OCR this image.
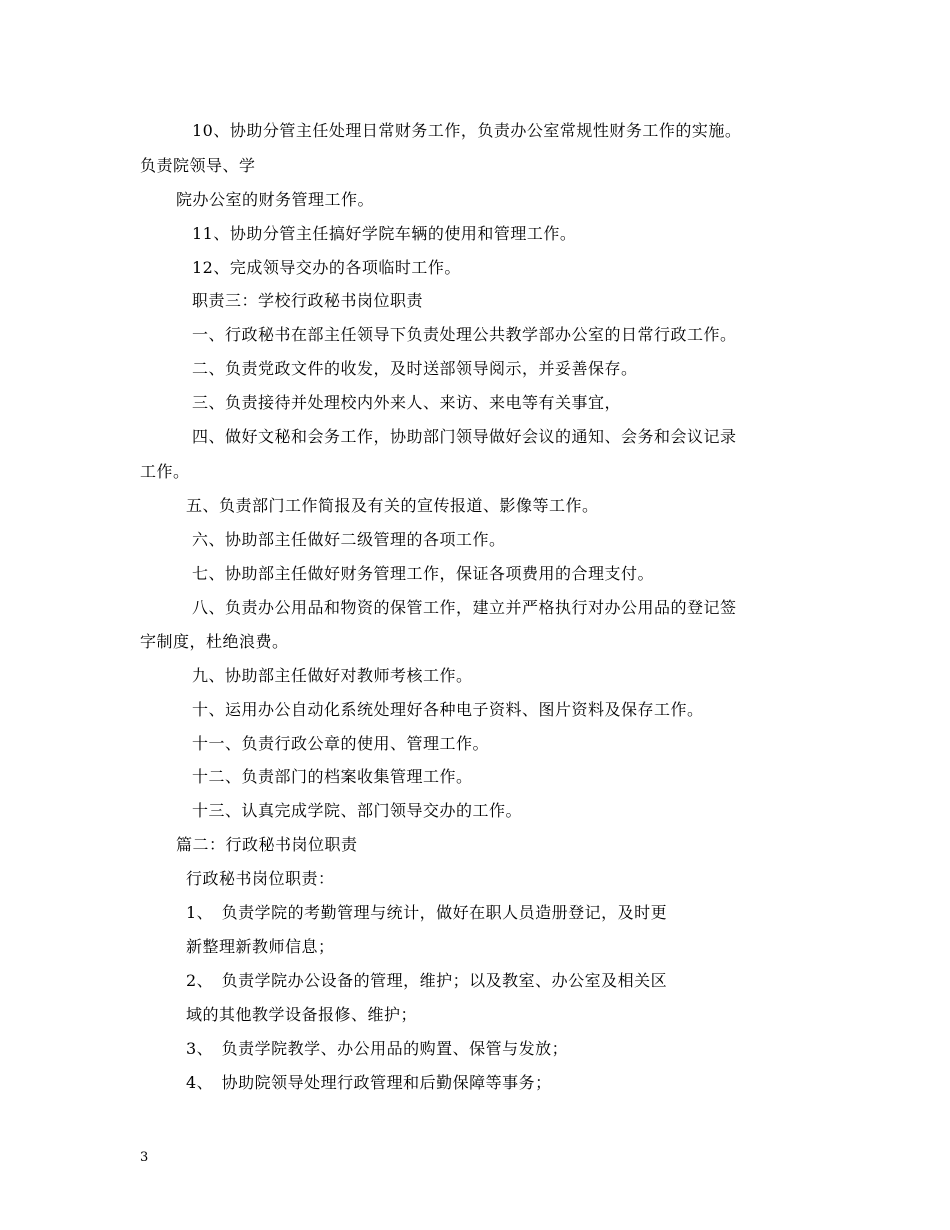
10、协助分管主任处理日常财务工作，负责办公室常规性财务工作的实施。
负责院领导、学
院办公室的财务管理工作。
11、协助分管主任搞好学院车辆的使用和管理工作。
12、完成领导交办的各项临时工作。
职责三：学校行政秘书岗位职责
一、行政秘书在部主任领导下负责处理公共教学部办公室的日常行政工作。
二、负责党政文件的收发，及时送部领导阅示，并妥善保存。
三、负责接待并处理校内外来人、来访、来电等有关事宜，
四、做好文秘和会务工作，协助部门领导做好会议的通知、会务和会议记录
工作。
五、负责部门工作简报及有关的宣传报道、影像等工作。
六、协助部主任做好二级管理的各项工作。
七、协助部主任做好财务管理工作，保证各项费用的合理支付。
八、负责办公用品和物资的保管工作，建立并严格执行对办公用品的登记签
字制度，杜绝浪费。
九、协助部主任做好对教师考核工作。
十、运用办公自动化系统处理好各种电子资料、图片资料及保存工作。
十一、负责行政公章的使用、管理工作。
十二、负责部门的档案收集管理工作。
十三、认真完成学院、部门领导交办的工作。
篇二：行政秘书岗位职责
行政秘书岗位职责：
1、　负责学院的考勤管理与统计，做好在职人员造册登记，及时更
新整理新教师信息；
2、　负责学院办公设备的管理，维护；以及教室、办公室及相关区
域的其他教学设备报修、维护；
3、　负责学院教学、办公用品的购置、保管与发放；
4、　协助院领导处理行政管理和后勤保障等事务；
3
